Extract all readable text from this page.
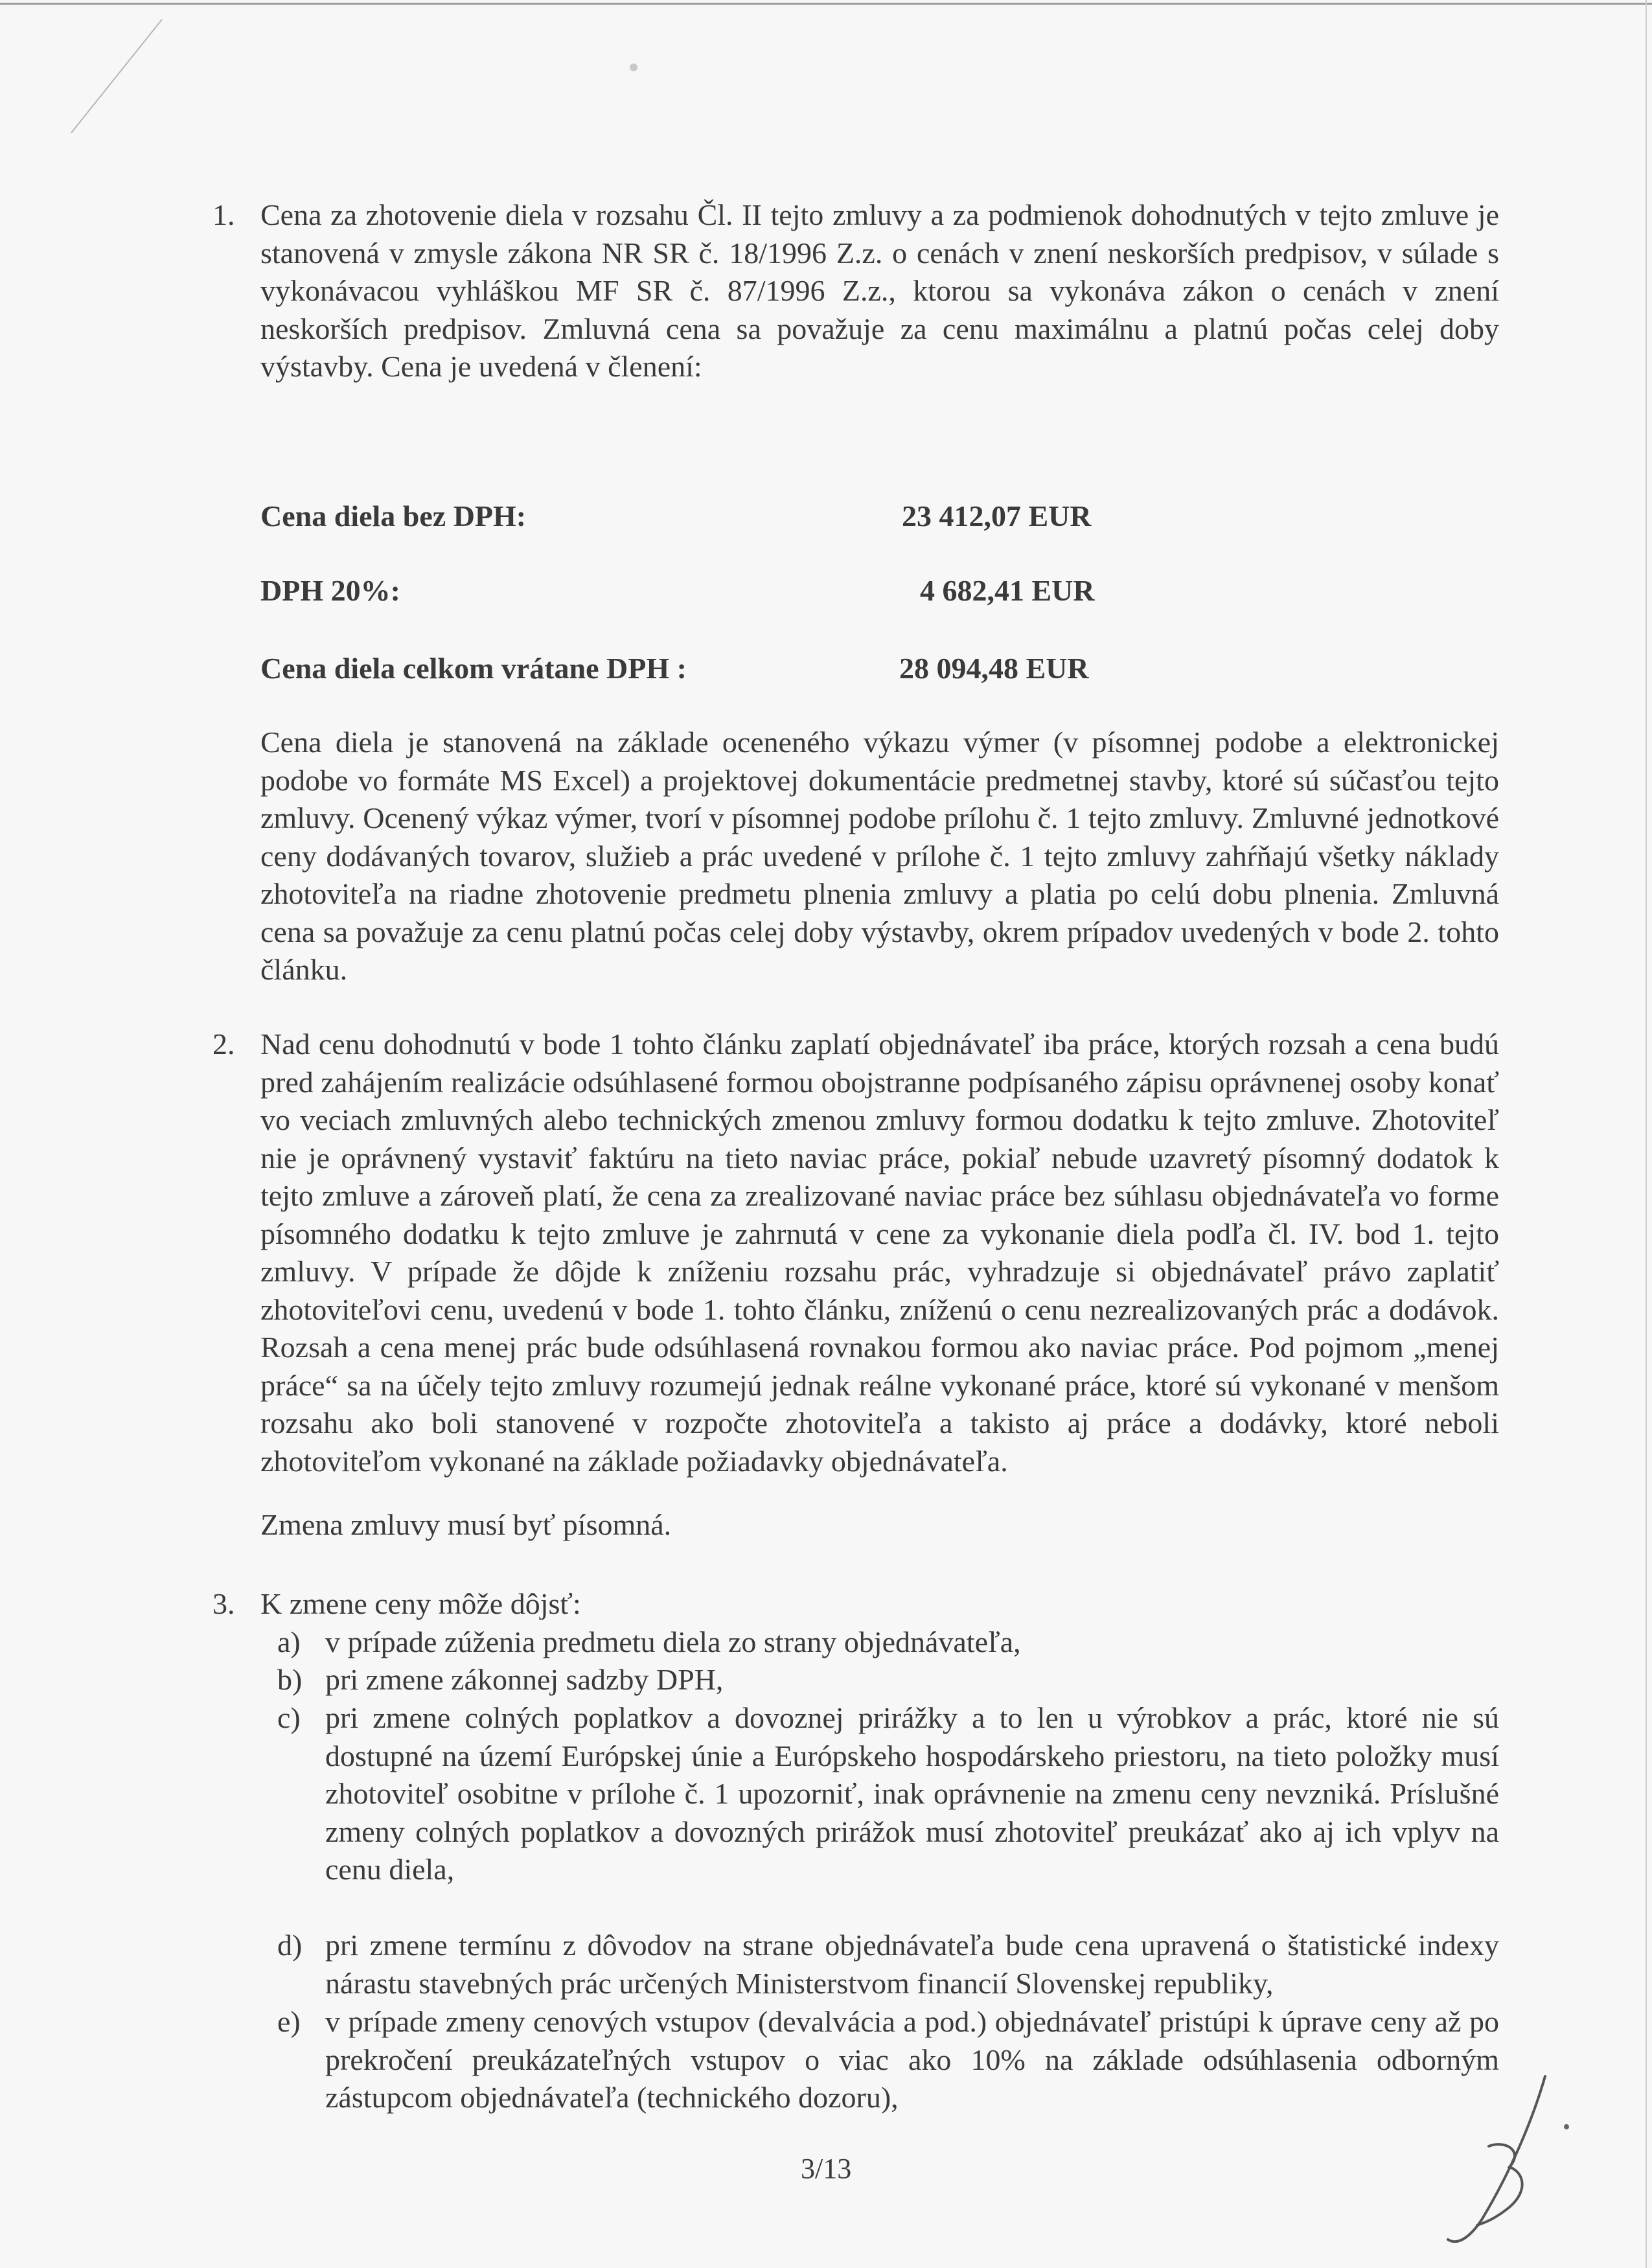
1. Cena za zhotovenie diela v rozsahu Čl. II tejto zmluvy a za podmienok dohodnutých v tejto zmluve je stanovená v zmysle zákona NR SR č. 18/1996 Z.z. o cenách v znení neskorších predpisov, v súlade s vykonávacou vyhláškou MF SR č. 87/1996 Z.z., ktorou sa vykonáva zákon o cenách v znení neskorších predpisov. Zmluvná cena sa považuje za cenu maximálnu a platnú počas celej doby výstavby. Cena je uvedená v členení:

Cena diela bez DPH:	23 412,07 EUR
DPH 20%:	4 682,41 EUR
Cena diela celkom vrátane DPH :	28 094,48 EUR

Cena diela je stanovená na základe oceneného výkazu výmer (v písomnej podobe a elektronickej podobe vo formáte MS Excel) a projektovej dokumentácie predmetnej stavby, ktoré sú súčasťou tejto zmluvy. Ocenený výkaz výmer, tvorí v písomnej podobe prílohu č. 1 tejto zmluvy. Zmluvné jednotkové ceny dodávaných tovarov, služieb a prác uvedené v prílohe č. 1 tejto zmluvy zahŕňajú všetky náklady zhotoviteľa na riadne zhotovenie predmetu plnenia zmluvy a platia po celú dobu plnenia. Zmluvná cena sa považuje za cenu platnú počas celej doby výstavby, okrem prípadov uvedených v bode 2. tohto článku.

2. Nad cenu dohodnutú v bode 1 tohto článku zaplatí objednávateľ iba práce, ktorých rozsah a cena budú pred zahájením realizácie odsúhlasené formou obojstranne podpísaného zápisu oprávnenej osoby konať vo veciach zmluvných alebo technických zmenou zmluvy formou dodatku k tejto zmluve. Zhotoviteľ nie je oprávnený vystaviť faktúru na tieto naviac práce, pokiaľ nebude uzavretý písomný dodatok k tejto zmluve a zároveň platí, že cena za zrealizované naviac práce bez súhlasu objednávateľa vo forme písomného dodatku k tejto zmluve je zahrnutá v cene za vykonanie diela podľa čl. IV. bod 1. tejto zmluvy. V prípade že dôjde k zníženiu rozsahu prác, vyhradzuje si objednávateľ právo zaplatiť zhotoviteľovi cenu, uvedenú v bode 1. tohto článku, zníženú o cenu nezrealizovaných prác a dodávok. Rozsah a cena menej prác bude odsúhlasená rovnakou formou ako naviac práce. Pod pojmom „menej práce“ sa na účely tejto zmluvy rozumejú jednak reálne vykonané práce, ktoré sú vykonané v menšom rozsahu ako boli stanovené v rozpočte zhotoviteľa a takisto aj práce a dodávky, ktoré neboli zhotoviteľom vykonané na základe požiadavky objednávateľa.

Zmena zmluvy musí byť písomná.

3. K zmene ceny môže dôjsť:

a) v prípade zúženia predmetu diela zo strany objednávateľa,

b) pri zmene zákonnej sadzby DPH,

c) pri zmene colných poplatkov a dovoznej prirážky a to len u výrobkov a prác, ktoré nie sú dostupné na území Európskej únie a Európskeho hospodárskeho priestoru, na tieto položky musí zhotoviteľ osobitne v prílohe č. 1 upozorniť, inak oprávnenie na zmenu ceny nevzniká. Príslušné zmeny colných poplatkov a dovozných prirážok musí zhotoviteľ preukázať ako aj ich vplyv na cenu diela,

d) pri zmene termínu z dôvodov na strane objednávateľa bude cena upravená o štatistické indexy nárastu stavebných prác určených Ministerstvom financií Slovenskej republiky,

e) v prípade zmeny cenových vstupov (devalvácia a pod.) objednávateľ pristúpi k úprave ceny až po prekročení preukázateľných vstupov o viac ako 10% na základe odsúhlasenia odborným zástupcom objednávateľa (technického dozoru),

3/13
